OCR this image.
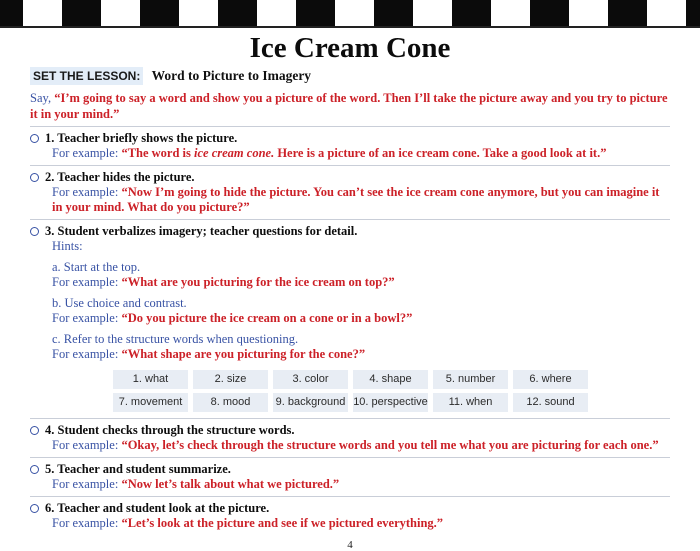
Ice Cream Cone
SET THE LESSON: Word to Picture to Imagery
Say, “I’m going to say a word and show you a picture of the word. Then I’ll take the picture away and you try to picture it in your mind.”
1. Teacher briefly shows the picture.
For example: “The word is ice cream cone. Here is a picture of an ice cream cone. Take a good look at it.”
2. Teacher hides the picture.
For example: “Now I’m going to hide the picture. You can’t see the ice cream cone anymore, but you can imagine it in your mind. What do you picture?”
3. Student verbalizes imagery; teacher questions for detail.
Hints:
a. Start at the top.
For example: “What are you picturing for the ice cream on top?”
b. Use choice and contrast.
For example: “Do you picture the ice cream on a cone or in a bowl?”
c. Refer to the structure words when questioning.
For example: “What shape are you picturing for the cone?”
1. what	2. size	3. color	4. shape	5. number	6. where
7. movement	8. mood	9. background 10. perspective	11. when	12. sound
4. Student checks through the structure words.
For example: “Okay, let’s check through the structure words and you tell me what you are picturing for each one.”
5. Teacher and student summarize.
For example: “Now let’s talk about what we pictured.”
6. Teacher and student look at the picture.
For example: “Let’s look at the picture and see if we pictured everything.”
4
